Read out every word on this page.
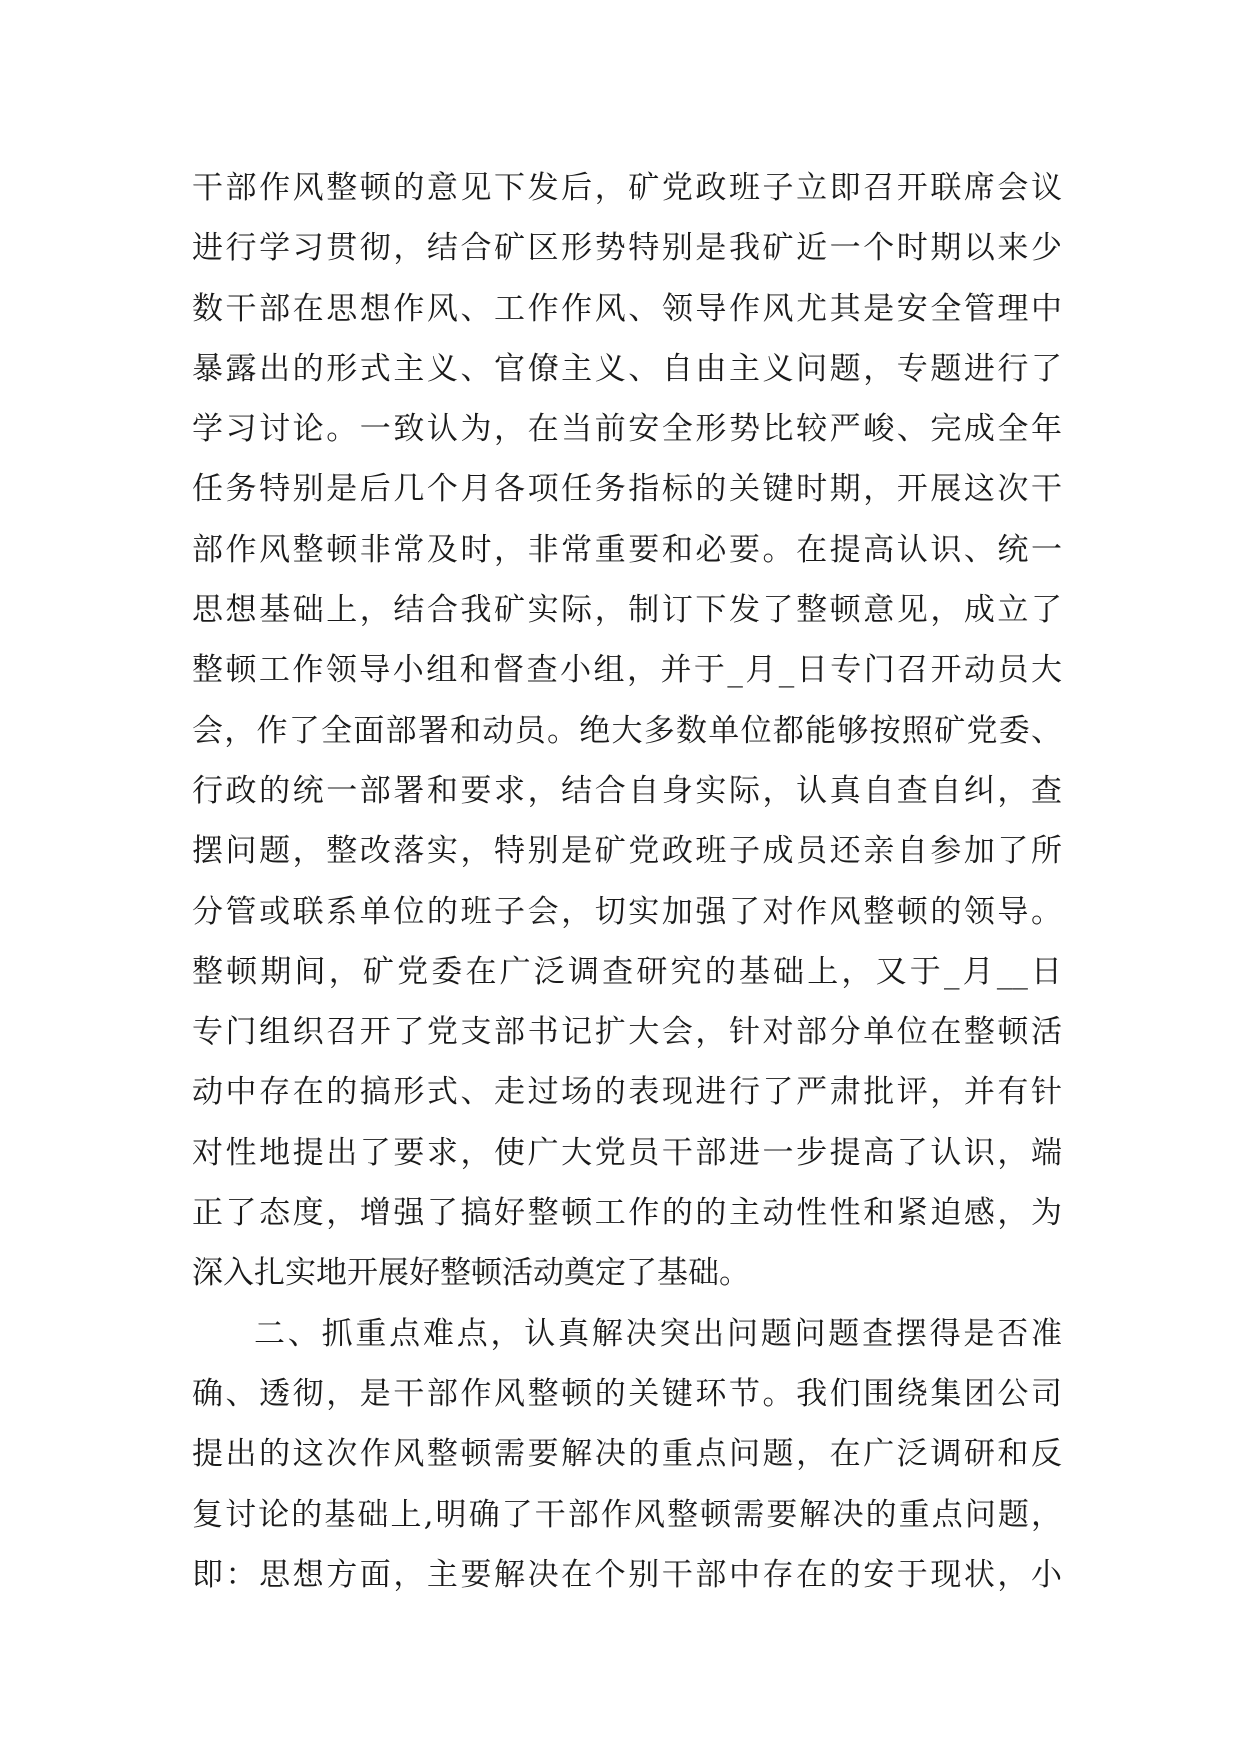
干部作风整顿的意见下发后，矿党政班子立即召开联席会议
进行学习贯彻，结合矿区形势特别是我矿近一个时期以来少
数干部在思想作风、工作作风、领导作风尤其是安全管理中
暴露出的形式主义、官僚主义、自由主义问题，专题进行了
学习讨论。一致认为，在当前安全形势比较严峻、完成全年
任务特别是后几个月各项任务指标的关键时期，开展这次干
部作风整顿非常及时，非常重要和必要。在提高认识、统一
思想基础上，结合我矿实际，制订下发了整顿意见，成立了
整顿工作领导小组和督查小组，并于_月_日专门召开动员大
会，作了全面部署和动员。绝大多数单位都能够按照矿党委、
行政的统一部署和要求，结合自身实际，认真自查自纠，查
摆问题，整改落实，特别是矿党政班子成员还亲自参加了所
分管或联系单位的班子会，切实加强了对作风整顿的领导。
整顿期间，矿党委在广泛调查研究的基础上，又于_月__日
专门组织召开了党支部书记扩大会，针对部分单位在整顿活
动中存在的搞形式、走过场的表现进行了严肃批评，并有针
对性地提出了要求，使广大党员干部进一步提高了认识，端
正了态度，增强了搞好整顿工作的的主动性性和紧迫感，为
深入扎实地开展好整顿活动奠定了基础。
二、抓重点难点，认真解决突出问题问题查摆得是否准
确、透彻，是干部作风整顿的关键环节。我们围绕集团公司
提出的这次作风整顿需要解决的重点问题，在广泛调研和反
复讨论的基础上,明确了干部作风整顿需要解决的重点问题，
即：思想方面，主要解决在个别干部中存在的安于现状，小
